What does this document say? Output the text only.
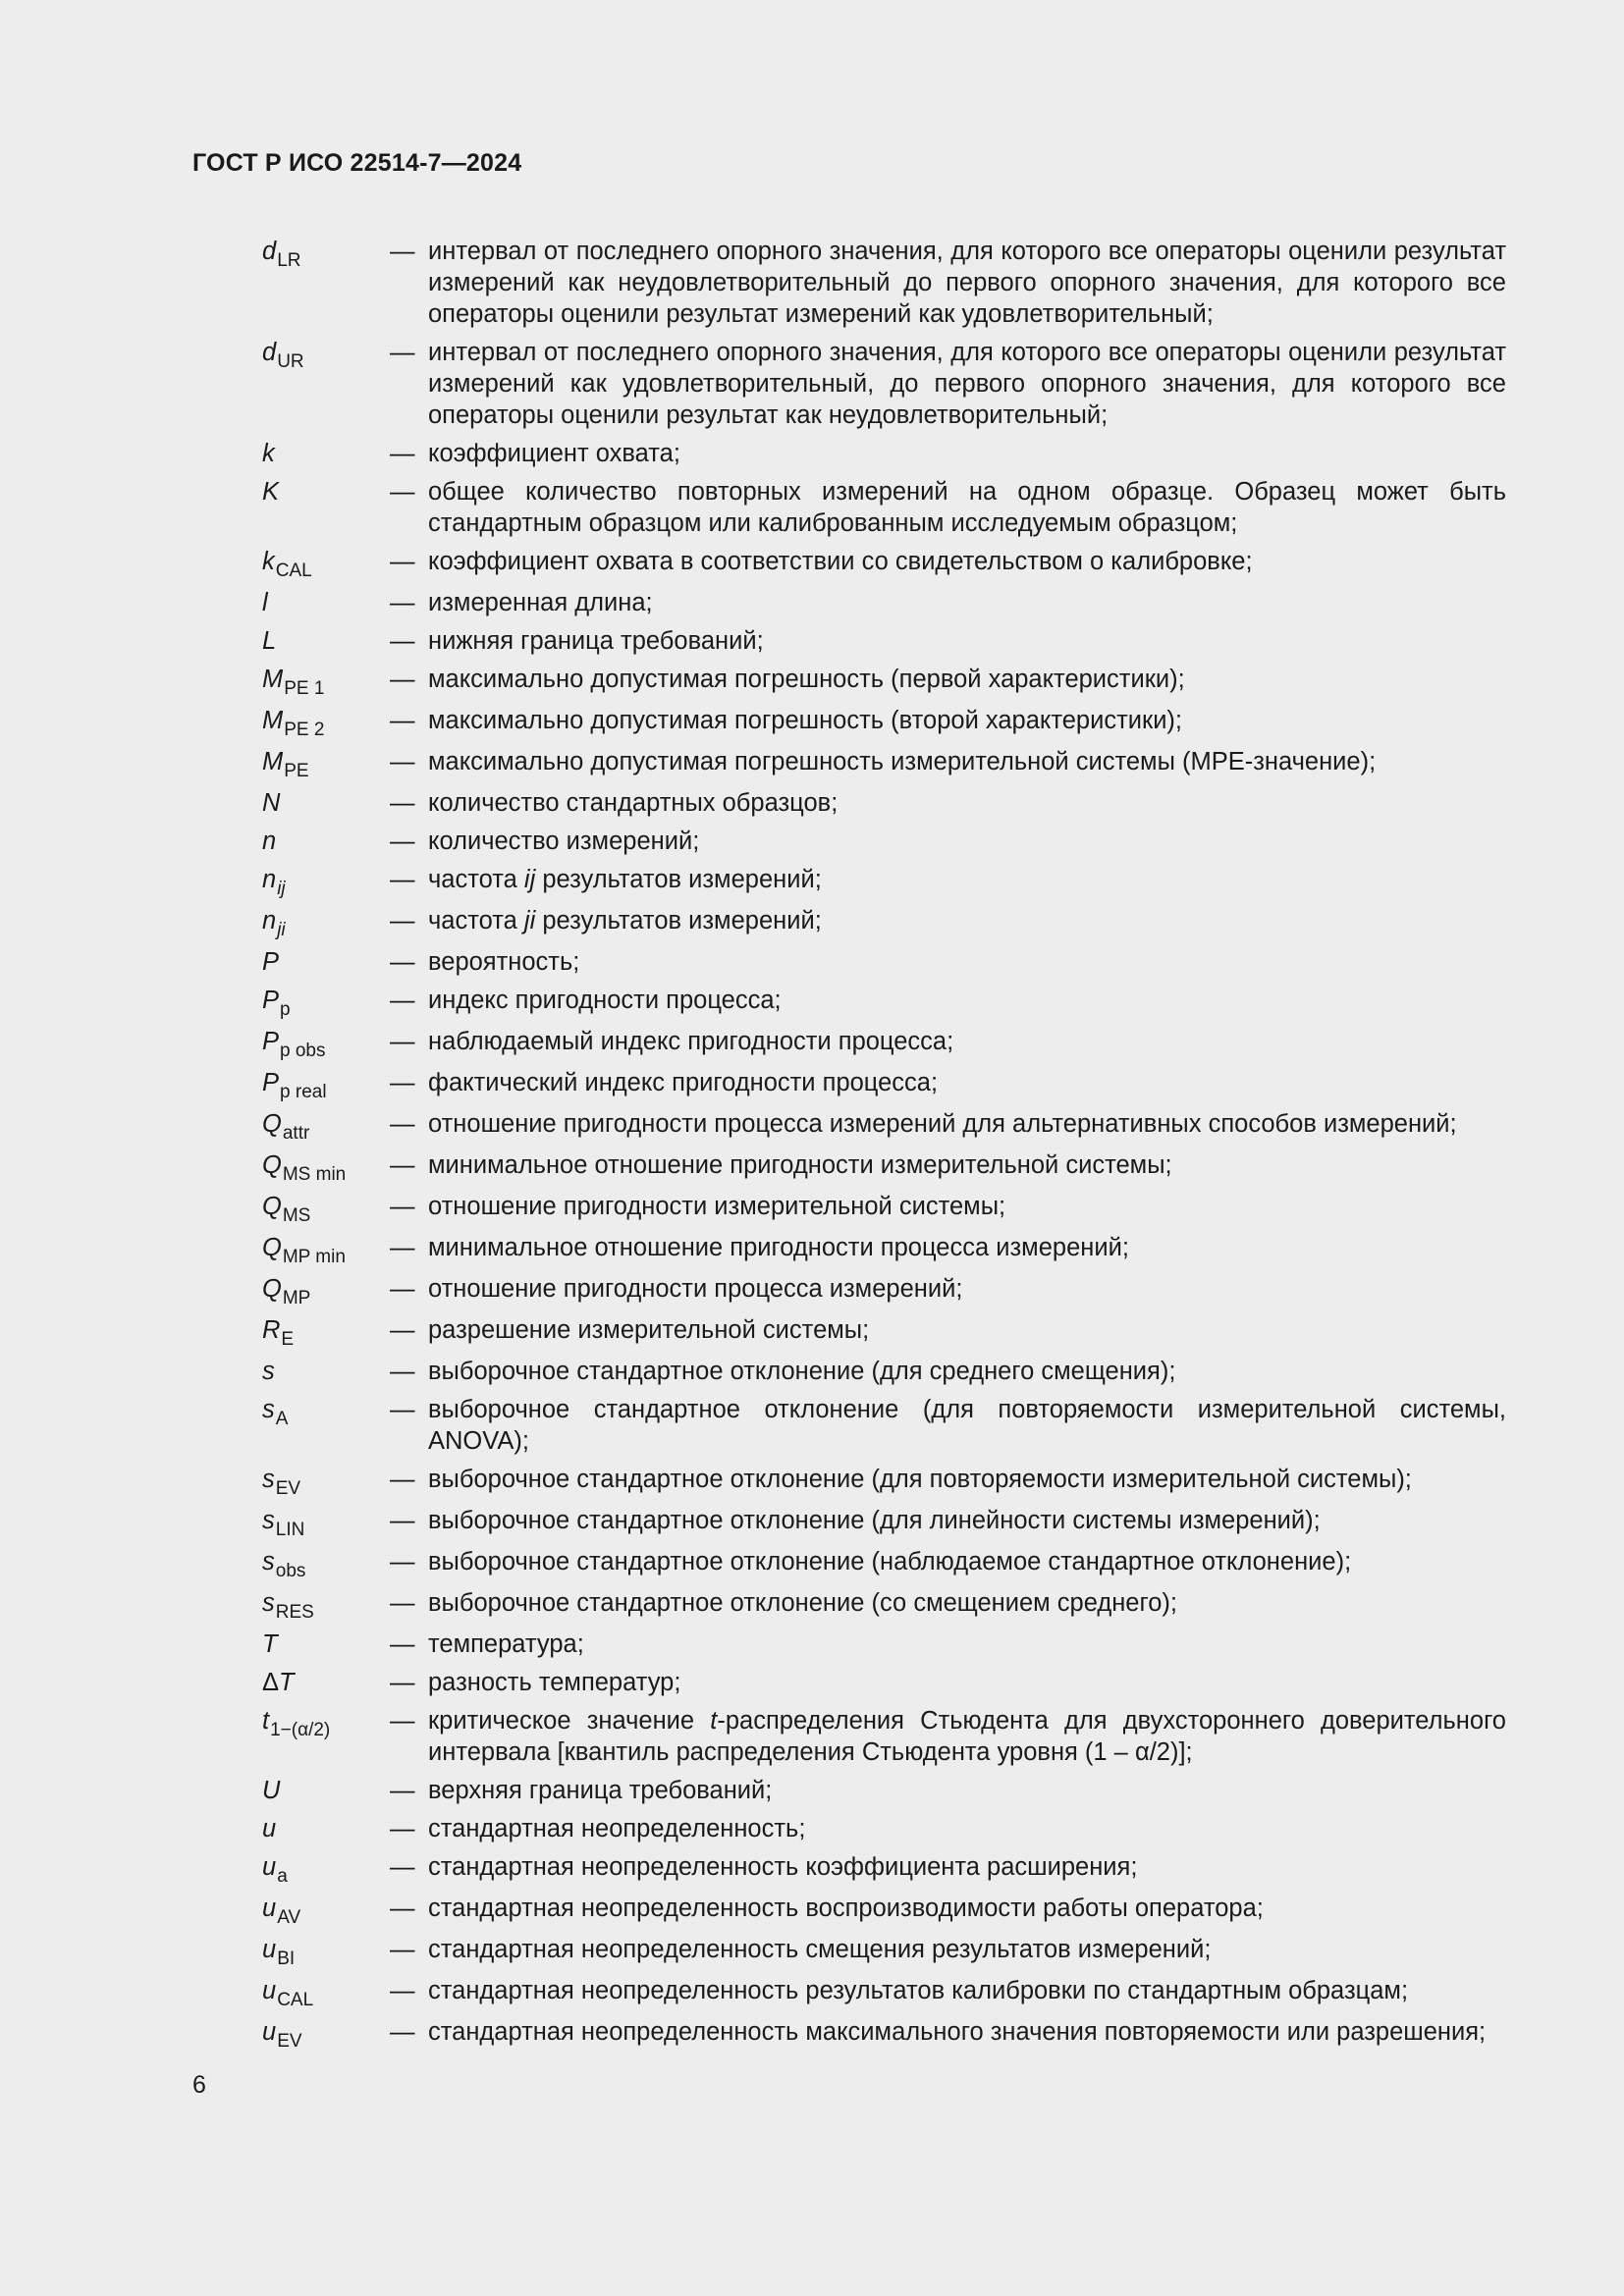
ГОСТ Р ИСО 22514-7—2024
$d_{LR}$	— интервал от последнего опорного значения, для которого все операторы оценили результат измерений как неудовлетворительный до первого опорного значения, для которого все операторы оценили результат измерений как удовлетворительный;
$d_{UR}$	— интервал от последнего опорного значения, для которого все операторы оценили результат измерений как удовлетворительный, до первого опорного значения, для которого все операторы оценили результат как неудовлетворительный;
k	— коэффициент охвата;
K	— общее количество повторных измерений на одном образце. Образец может быть стандартным образцом или калиброванным исследуемым образцом;
$k_{CAL}$	— коэффициент охвата в соответствии со свидетельством о калибровке;
l	— измеренная длина;
L	— нижняя граница требований;
$M_{PE 1}$	— максимально допустимая погрешность (первой характеристики);
$M_{PE 2}$	— максимально допустимая погрешность (второй характеристики);
$M_{PE}$	— максимально допустимая погрешность измерительной системы (MPE-значение);
N	— количество стандартных образцов;
n	— количество измерений;
$n_{ij}$	— частота ij результатов измерений;
$n_{ji}$	— частота ji результатов измерений;
P	— вероятность;
$P_p$	— индекс пригодности процесса;
$P_{p obs}$	— наблюдаемый индекс пригодности процесса;
$P_{p real}$	— фактический индекс пригодности процесса;
$Q_{attr}$	— отношение пригодности процесса измерений для альтернативных способов измерений;
$Q_{MS min}$	— минимальное отношение пригодности измерительной системы;
$Q_{MS}$	— отношение пригодности измерительной системы;
$Q_{MP min}$	— минимальное отношение пригодности процесса измерений;
$Q_{MP}$	— отношение пригодности процесса измерений;
$R_E$	— разрешение измерительной системы;
s	— выборочное стандартное отклонение (для среднего смещения);
$s_A$	— выборочное стандартное отклонение (для повторяемости измерительной системы, ANOVA);
$s_{EV}$	— выборочное стандартное отклонение (для повторяемости измерительной системы);
$s_{LIN}$	— выборочное стандартное отклонение (для линейности системы измерений);
$s_{obs}$	— выборочное стандартное отклонение (наблюдаемое стандартное отклонение);
$s_{RES}$	— выборочное стандартное отклонение (со смещением среднего);
T	— температура;
ΔT	— разность температур;
$t_{1-(\alpha/2)}$	— критическое значение t-распределения Стьюдента для двухстороннего доверительного интервала [квантиль распределения Стьюдента уровня (1 – α/2)];
U	— верхняя граница требований;
u	— стандартная неопределенность;
$u_a$	— стандартная неопределенность коэффициента расширения;
$u_{AV}$	— стандартная неопределенность воспроизводимости работы оператора;
$u_{BI}$	— стандартная неопределенность смещения результатов измерений;
$u_{CAL}$	— стандартная неопределенность результатов калибровки по стандартным образцам;
$u_{EV}$	— стандартная неопределенность максимального значения повторяемости или разрешения;
6
